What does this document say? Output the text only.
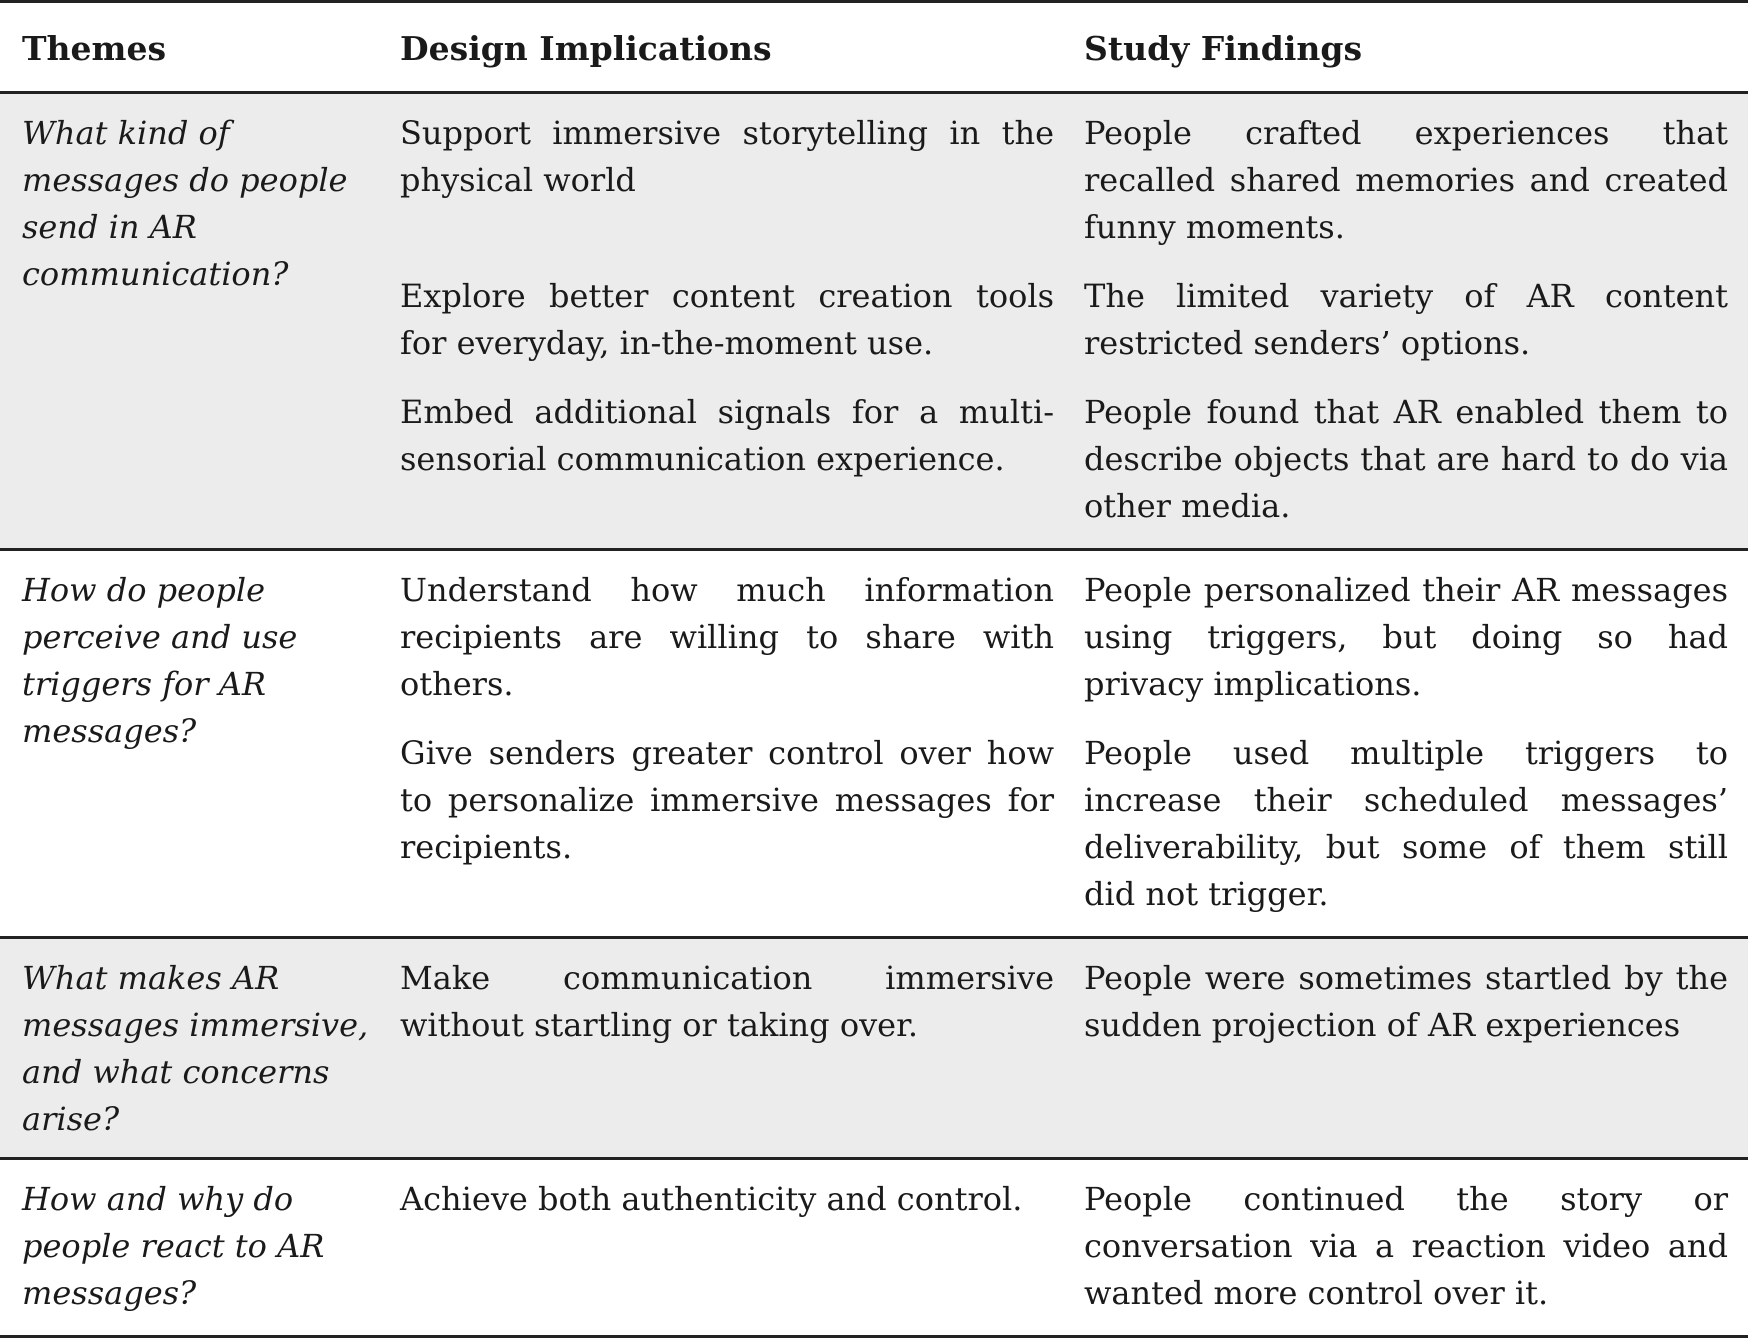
Themes	Design Implications	Study Findings
What kind of messages do people send in AR communication?	Support immersive storytelling in the physical world	People crafted experiences that recalled shared memories and created funny moments.
	Explore better content creation tools for everyday, in-the-moment use.	The limited variety of AR content restricted senders’ options.
	Embed additional signals for a multi-sensorial communication experience.	People found that AR enabled them to describe objects that are hard to do via other media.
How do people perceive and use triggers for AR messages?	Understand how much information recipients are willing to share with others.	People personalized their AR messages using triggers, but doing so had privacy implications.
	Give senders greater control over how to personalize immersive messages for recipients.	People used multiple triggers to increase their scheduled messages’ deliverability, but some of them still did not trigger.
What makes AR messages immersive, and what concerns arise?	Make communication immersive without startling or taking over.	People were sometimes startled by the sudden projection of AR experiences
How and why do people react to AR messages?	Achieve both authenticity and control.	People continued the story or conversation via a reaction video and wanted more control over it.
